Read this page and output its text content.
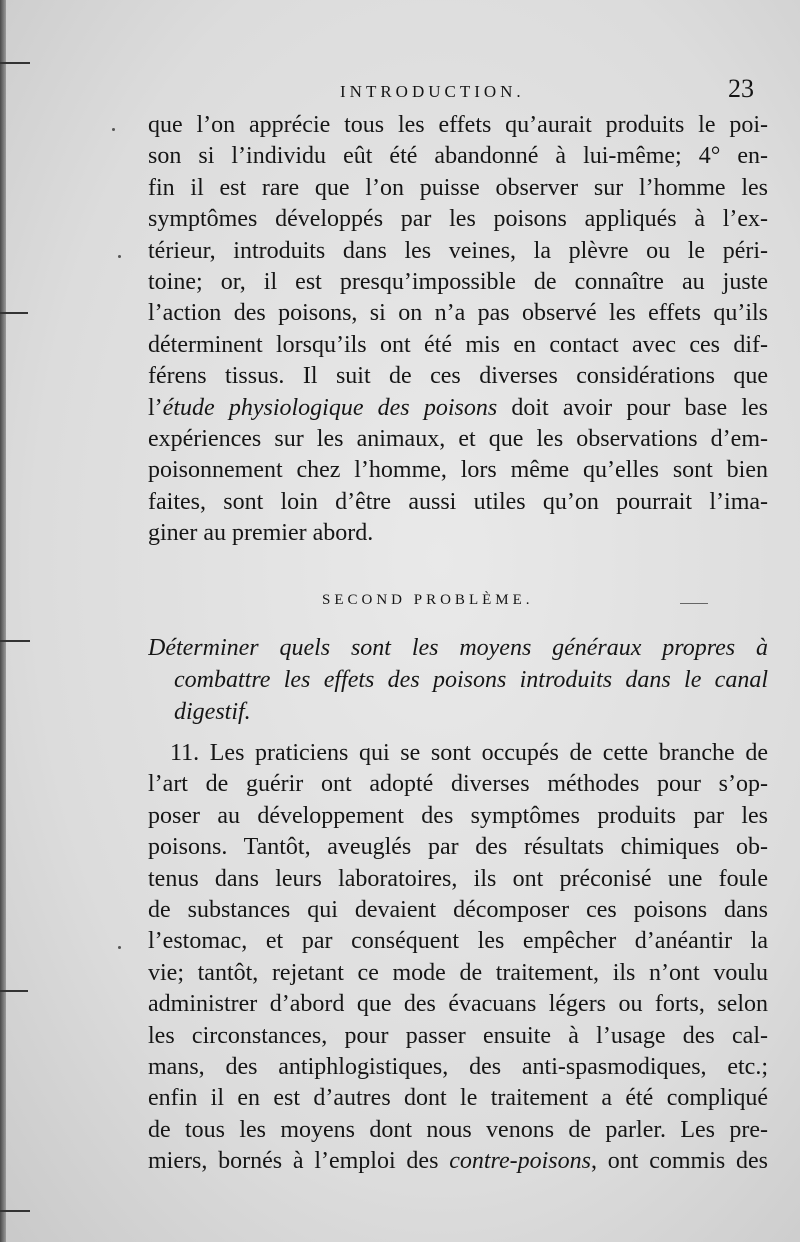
INTRODUCTION.	23
que l’on apprécie tous les effets qu’aurait produits le poi-
son si l’individu eût été abandonné à lui-même; 4° en-
fin il est rare que l’on puisse observer sur l’homme les
symptômes développés par les poisons appliqués à l’ex-
térieur, introduits dans les veines, la plèvre ou le péri-
toine; or, il est presqu’impossible de connaître au juste
l’action des poisons, si on n’a pas observé les effets qu’ils
déterminent lorsqu’ils ont été mis en contact avec ces dif-
férens tissus. Il suit de ces diverses considérations que
l’étude physiologique des poisons doit avoir pour base les
expériences sur les animaux, et que les observations d’em-
poisonnement chez l’homme, lors même qu’elles sont bien
faites, sont loin d’être aussi utiles qu’on pourrait l’ima-
giner au premier abord.
SECOND PROBLÈME.
Déterminer quels sont les moyens généraux propres à
combattre les effets des poisons introduits dans le canal
digestif.
11. Les praticiens qui se sont occupés de cette branche de
l’art de guérir ont adopté diverses méthodes pour s’op-
poser au développement des symptômes produits par les
poisons. Tantôt, aveuglés par des résultats chimiques ob-
tenus dans leurs laboratoires, ils ont préconisé une foule
de substances qui devaient décomposer ces poisons dans
l’estomac, et par conséquent les empêcher d’anéantir la
vie; tantôt, rejetant ce mode de traitement, ils n’ont voulu
administrer d’abord que des évacuans légers ou forts, selon
les circonstances, pour passer ensuite à l’usage des cal-
mans, des antiphlogistiques, des anti-spasmodiques, etc.;
enfin il en est d’autres dont le traitement a été compliqué
de tous les moyens dont nous venons de parler. Les pre-
miers, bornés à l’emploi des contre-poisons, ont commis des
